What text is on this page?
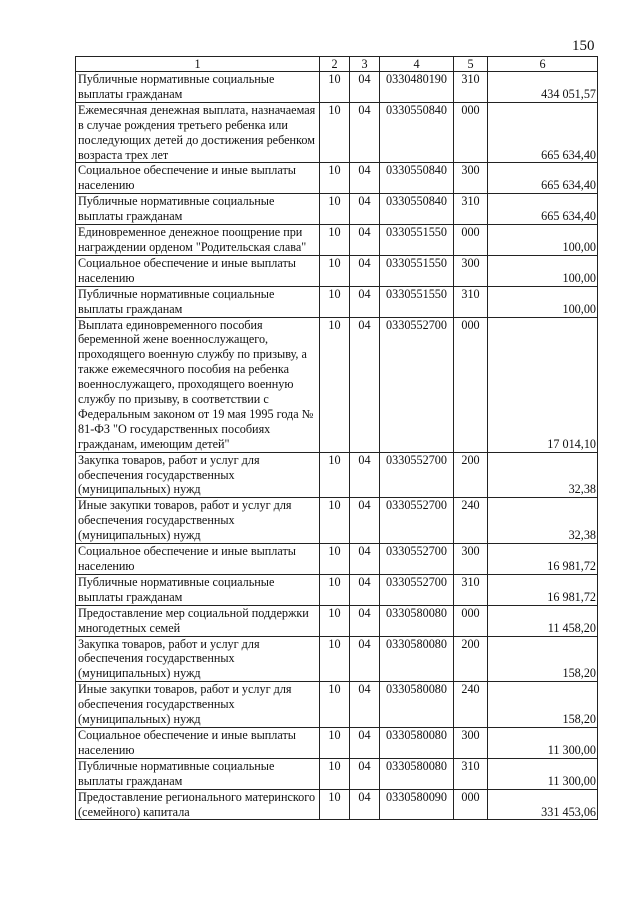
150
1	2	3	4	5	6
Публичные нормативные социальные выплаты гражданам	10	04	0330480190	310	434 051,57
Ежемесячная денежная выплата, назначаемая в случае рождения третьего ребенка или последующих детей до достижения ребенком возраста трех лет	10	04	0330550840	000	665 634,40
Социальное обеспечение и иные выплаты населению	10	04	0330550840	300	665 634,40
Публичные нормативные социальные выплаты гражданам	10	04	0330550840	310	665 634,40
Единовременное денежное поощрение при награждении орденом "Родительская слава"	10	04	0330551550	000	100,00
Социальное обеспечение и иные выплаты населению	10	04	0330551550	300	100,00
Публичные нормативные социальные выплаты гражданам	10	04	0330551550	310	100,00
Выплата единовременного пособия беременной жене военнослужащего, проходящего военную службу по призыву, а также ежемесячного пособия на ребенка военнослужащего, проходящего военную службу по призыву, в соответствии с Федеральным законом от 19 мая 1995 года № 81-ФЗ "О государственных пособиях гражданам, имеющим детей"	10	04	0330552700	000	17 014,10
Закупка товаров, работ и услуг для обеспечения государственных (муниципальных) нужд	10	04	0330552700	200	32,38
Иные закупки товаров, работ и услуг для обеспечения государственных (муниципальных) нужд	10	04	0330552700	240	32,38
Социальное обеспечение и иные выплаты населению	10	04	0330552700	300	16 981,72
Публичные нормативные социальные выплаты гражданам	10	04	0330552700	310	16 981,72
Предоставление мер социальной поддержки многодетных семей	10	04	0330580080	000	11 458,20
Закупка товаров, работ и услуг для обеспечения государственных (муниципальных) нужд	10	04	0330580080	200	158,20
Иные закупки товаров, работ и услуг для обеспечения государственных (муниципальных) нужд	10	04	0330580080	240	158,20
Социальное обеспечение и иные выплаты населению	10	04	0330580080	300	11 300,00
Публичные нормативные социальные выплаты гражданам	10	04	0330580080	310	11 300,00
Предоставление регионального материнского (семейного) капитала	10	04	0330580090	000	331 453,06
